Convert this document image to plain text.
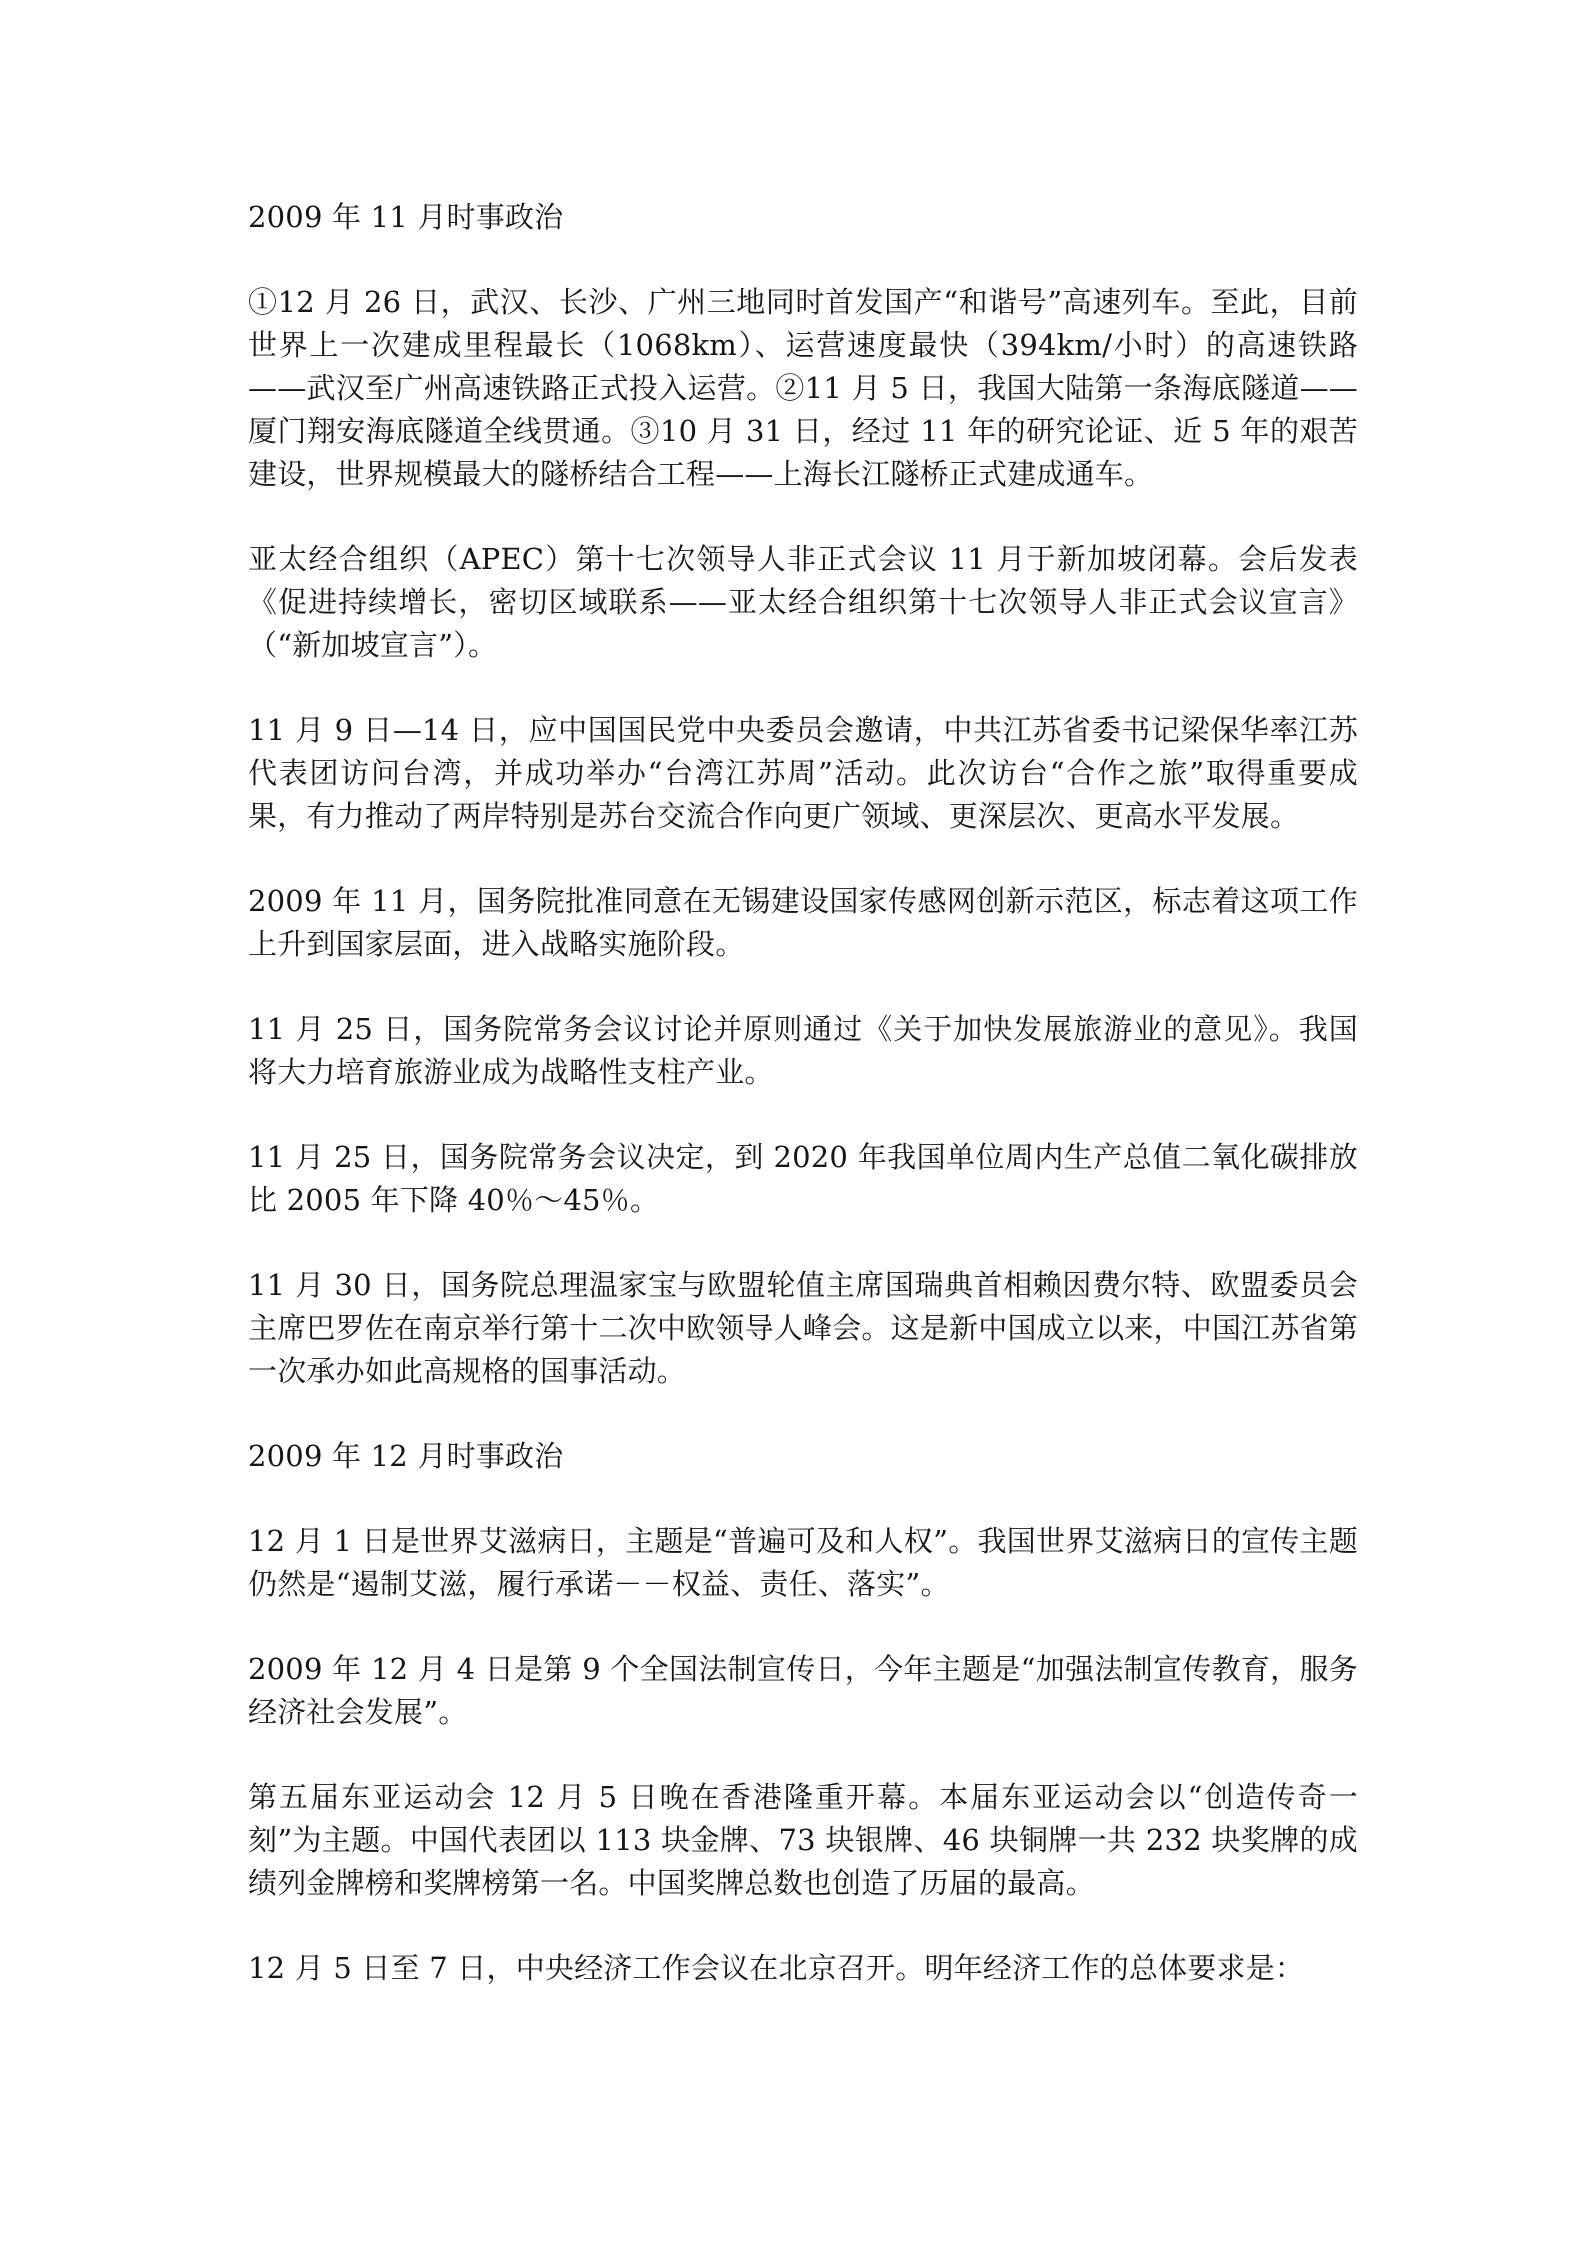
2009 年 11 月时事政治

①12 月 26 日，武汉、长沙、广州三地同时首发国产“和谐号”高速列车。至此，目前世界上一次建成里程最长（1068km）、运营速度最快（394km/小时）的高速铁路——武汉至广州高速铁路正式投入运营。②11 月 5 日，我国大陆第一条海底隧道——厦门翔安海底隧道全线贯通。③10 月 31 日，经过 11 年的研究论证、近 5 年的艰苦建设，世界规模最大的隧桥结合工程——上海长江隧桥正式建成通车。

亚太经合组织（APEC）第十七次领导人非正式会议 11 月于新加坡闭幕。会后发表《促进持续增长，密切区域联系——亚太经合组织第十七次领导人非正式会议宣言》（“新加坡宣言”）。

11 月 9 日—14 日，应中国国民党中央委员会邀请，中共江苏省委书记梁保华率江苏代表团访问台湾，并成功举办“台湾江苏周”活动。此次访台“合作之旅”取得重要成果，有力推动了两岸特别是苏台交流合作向更广领域、更深层次、更高水平发展。

2009 年 11 月，国务院批准同意在无锡建设国家传感网创新示范区，标志着这项工作上升到国家层面，进入战略实施阶段。

11 月 25 日，国务院常务会议讨论并原则通过《关于加快发展旅游业的意见》。我国将大力培育旅游业成为战略性支柱产业。

11 月 25 日，国务院常务会议决定，到 2020 年我国单位周内生产总值二氧化碳排放比 2005 年下降 40％～45％。

11 月 30 日，国务院总理温家宝与欧盟轮值主席国瑞典首相赖因费尔特、欧盟委员会主席巴罗佐在南京举行第十二次中欧领导人峰会。这是新中国成立以来，中国江苏省第一次承办如此高规格的国事活动。

2009 年 12 月时事政治

12 月 1 日是世界艾滋病日，主题是“普遍可及和人权”。我国世界艾滋病日的宣传主题仍然是“遏制艾滋，履行承诺－－权益、责任、落实”。

2009 年 12 月 4 日是第 9 个全国法制宣传日，今年主题是“加强法制宣传教育，服务经济社会发展”。

第五届东亚运动会 12 月 5 日晚在香港隆重开幕。本届东亚运动会以“创造传奇一刻”为主题。中国代表团以 113 块金牌、73 块银牌、46 块铜牌一共 232 块奖牌的成绩列金牌榜和奖牌榜第一名。中国奖牌总数也创造了历届的最高。

12 月 5 日至 7 日，中央经济工作会议在北京召开。明年经济工作的总体要求是：
